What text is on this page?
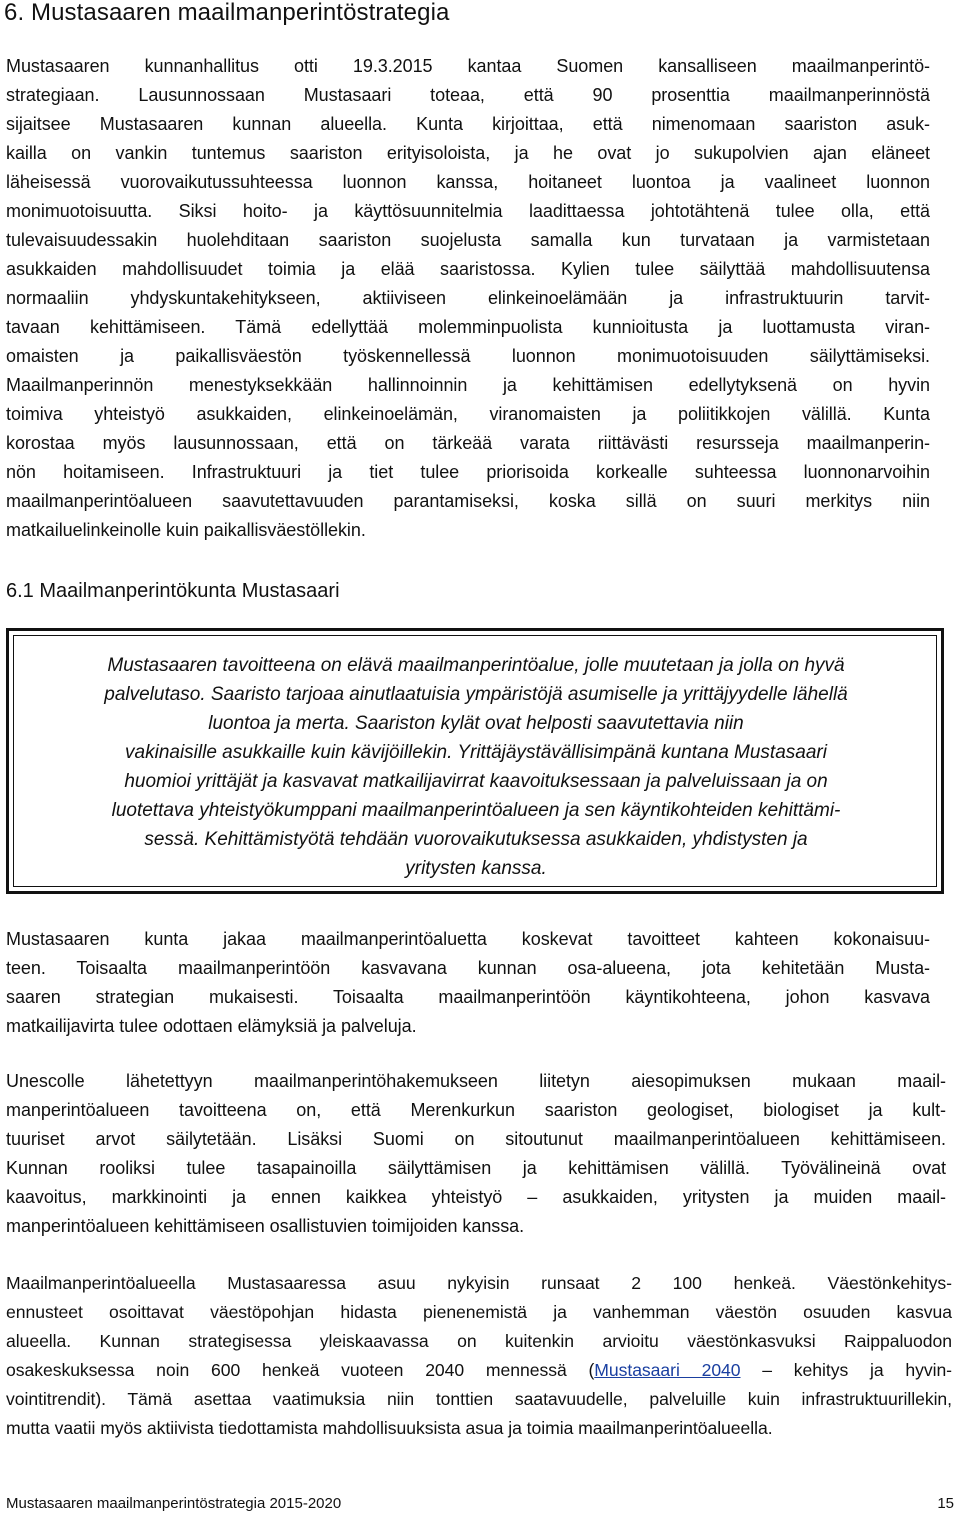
6. Mustasaaren maailmanperintöstrategia
Mustasaaren kunnanhallitus otti 19.3.2015 kantaa Suomen kansalliseen maailmanperintö-
strategiaan. Lausunnossaan Mustasaari toteaa, että 90 prosenttia maailmanperinnöstä
sijaitsee Mustasaaren kunnan alueella. Kunta kirjoittaa, että nimenomaan saariston asuk-
kailla on vankin tuntemus saariston erityisoloista, ja he ovat jo sukupolvien ajan eläneet
läheisessä vuorovaikutussuhteessa luonnon kanssa, hoitaneet luontoa ja vaalineet luonnon
monimuotoisuutta. Siksi hoito- ja käyttösuunnitelmia laadittaessa johtotähtenä tulee olla, että
tulevaisuudessakin huolehditaan saariston suojelusta samalla kun turvataan ja varmistetaan
asukkaiden mahdollisuudet toimia ja elää saaristossa. Kylien tulee säilyttää mahdollisuutensa
normaaliin yhdyskuntakehitykseen, aktiiviseen elinkeinoelämään ja infrastruktuurin tarvit-
tavaan kehittämiseen. Tämä edellyttää molemminpuolista kunnioitusta ja luottamusta viran-
omaisten ja paikallisväestön työskennellessä luonnon monimuotoisuuden säilyttämiseksi.
Maailmanperinnön menestyksekkään hallinnoinnin ja kehittämisen edellytyksenä on hyvin
toimiva yhteistyö asukkaiden, elinkeinoelämän, viranomaisten ja poliitikkojen välillä. Kunta
korostaa myös lausunnossaan, että on tärkeää varata riittävästi resursseja maailmanperin-
nön hoitamiseen. Infrastruktuuri ja tiet tulee priorisoida korkealle suhteessa luonnonarvoihin
maailmanperintöalueen saavutettavuuden parantamiseksi, koska sillä on suuri merkitys niin
matkailuelinkeinolle kuin paikallisväestöllekin.
6.1 Maailmanperintökunta Mustasaari
Mustasaaren tavoitteena on elävä maailmanperintöalue, jolle muutetaan ja jolla on hyvä
palvelutaso. Saaristo tarjoaa ainutlaatuisia ympäristöjä asumiselle ja yrittäjyydelle lähellä
luontoa ja merta. Saariston kylät ovat helposti saavutettavia niin
vakinaisille asukkaille kuin kävijöillekin. Yrittäjäystävällisimpänä kuntana Mustasaari
huomioi yrittäjät ja kasvavat matkailijavirrat kaavoituksessaan ja palveluissaan ja on
luotettava yhteistyökumppani maailmanperintöalueen ja sen käyntikohteiden kehittämi-
sessä. Kehittämistyötä tehdään vuorovaikutuksessa asukkaiden, yhdistysten ja
yritysten kanssa.
Mustasaaren kunta jakaa maailmanperintöaluetta koskevat tavoitteet kahteen kokonaisuu-
teen. Toisaalta maailmanperintöön kasvavana kunnan osa-alueena, jota kehitetään Musta-
saaren strategian mukaisesti. Toisaalta maailmanperintöön käyntikohteena, johon kasvava
matkailijavirta tulee odottaen elämyksiä ja palveluja.
Unescolle lähetettyyn maailmanperintöhakemukseen liitetyn aiesopimuksen mukaan maail-
manperintöalueen tavoitteena on, että Merenkurkun saariston geologiset, biologiset ja kult-
tuuriset arvot säilytetään. Lisäksi Suomi on sitoutunut maailmanperintöalueen kehittämiseen.
Kunnan rooliksi tulee tasapainoilla säilyttämisen ja kehittämisen välillä. Työvälineinä ovat
kaavoitus, markkinointi ja ennen kaikkea yhteistyö – asukkaiden, yritysten ja muiden maail-
manperintöalueen kehittämiseen osallistuvien toimijoiden kanssa.
Maailmanperintöalueella Mustasaaressa asuu nykyisin runsaat 2 100 henkeä. Väestönkehitys-
ennusteet osoittavat väestöpohjan hidasta pienenemistä ja vanhemman väestön osuuden kasvua
alueella. Kunnan strategisessa yleiskaavassa on kuitenkin arvioitu väestönkasvuksi Raippaluodon
osakeskuksessa noin 600 henkeä vuoteen 2040 mennessä (Mustasaari 2040 – kehitys ja hyvin-
vointitrendit). Tämä asettaa vaatimuksia niin tonttien saatavuudelle, palveluille kuin infrastruktuurillekin,
mutta vaatii myös aktiivista tiedottamista mahdollisuuksista asua ja toimia maailmanperintöalueella.
Mustasaaren maailmanperintöstrategia 2015-2020	15
